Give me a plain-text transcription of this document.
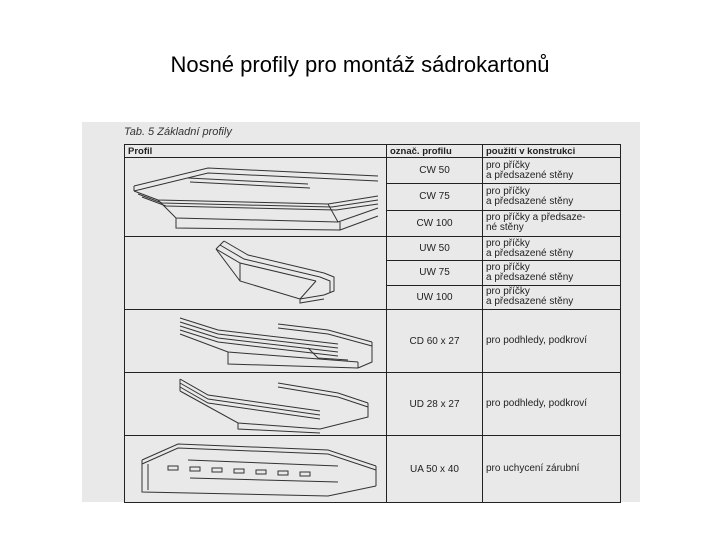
Nosné profily pro montáž sádrokartonů
Tab. 5 Základní profily
Profil	označ. profilu	použití v konstrukci

	CW 50	pro příčky
a předsazené stěny

	CW 75	pro příčky
a předsazené stěny

	CW 100	pro příčky a předsaze-
né stěny

	UW 50	pro příčky
a předsazené stěny

	UW 75	pro příčky
a předsazené stěny

	UW 100	pro příčky
a předsazené stěny

	CD 60 x 27	pro podhledy, podkroví

	UD 28 x 27	pro podhledy, podkroví

	UA 50 x 40	pro uchycení zárubní
